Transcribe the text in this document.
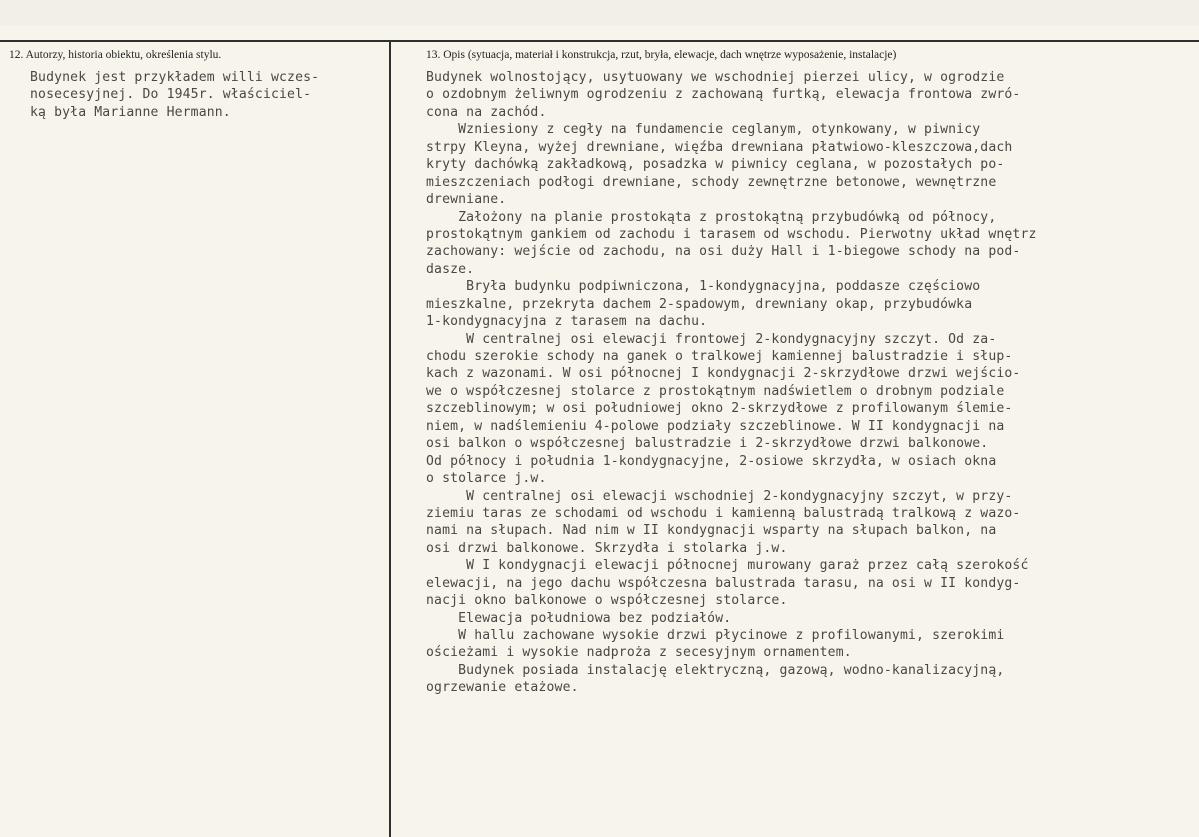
12. Autorzy, historia obiektu, określenia stylu.	13. Opis (sytuacja, materiał i konstrukcja, rzut, bryła, elewacje, dach wnętrze wyposażenie, instalacje)
Budynek jest przykładem willi wczes-
nosecesyjnej. Do 1945r. właściciel-
ką była Marianne Hermann.
Budynek wolnostojący, usytuowany we wschodniej pierzei ulicy, w ogrodzie
o ozdobnym żeliwnym ogrodzeniu z zachowaną furtką, elewacja frontowa zwró-
cona na zachód.
Wzniesiony z cegły na fundamencie ceglanym, otynkowany, w piwnicy
strpy Kleyna, wyżej drewniane, więźba drewniana płatwiowo-kleszczowa,dach
kryty dachówką zakładkową, posadzka w piwnicy ceglana, w pozostałych po-
mieszczeniach podłogi drewniane, schody zewnętrzne betonowe, wewnętrzne
drewniane.
Założony na planie prostokąta z prostokątną przybudówką od północy,
prostokątnym gankiem od zachodu i tarasem od wschodu. Pierwotny układ wnętrz
zachowany: wejście od zachodu, na osi duży Hall i 1-biegowe schody na pod-
dasze.
Bryła budynku podpiwniczona, 1-kondygnacyjna, poddasze częściowo
mieszkalne, przekryta dachem 2-spadowym, drewniany okap, przybudówka
1-kondygnacyjna z tarasem na dachu.
W centralnej osi elewacji frontowej 2-kondygnacyjny szczyt. Od za-
chodu szerokie schody na ganek o tralkowej kamiennej balustradzie i słup-
kach z wazonami. W osi północnej I kondygnacji 2-skrzydłowe drzwi wejścio-
we o współczesnej stolarce z prostokątnym nadświetlem o drobnym podziale
szczeblinowym; w osi południowej okno 2-skrzydłowe z profilowanym ślemie-
niem, w nadślemieniu 4-polowe podziały szczeblinowe. W II kondygnacji na
osi balkon o współczesnej balustradzie i 2-skrzydłowe drzwi balkonowe.
Od północy i południa 1-kondygnacyjne, 2-osiowe skrzydła, w osiach okna
o stolarce j.w.
W centralnej osi elewacji wschodniej 2-kondygnacyjny szczyt, w przy-
ziemiu taras ze schodami od wschodu i kamienną balustradą tralkową z wazo-
nami na słupach. Nad nim w II kondygnacji wsparty na słupach balkon, na
osi drzwi balkonowe. Skrzydła i stolarka j.w.
W I kondygnacji elewacji północnej murowany garaż przez całą szerokość
elewacji, na jego dachu współczesna balustrada tarasu, na osi w II kondyg-
nacji okno balkonowe o współczesnej stolarce.
Elewacja południowa bez podziałów.
W hallu zachowane wysokie drzwi płycinowe z profilowanymi, szerokimi
ościeżami i wysokie nadproża z secesyjnym ornamentem.
Budynek posiada instalację elektryczną, gazową, wodno-kanalizacyjną,
ogrzewanie etażowe.
